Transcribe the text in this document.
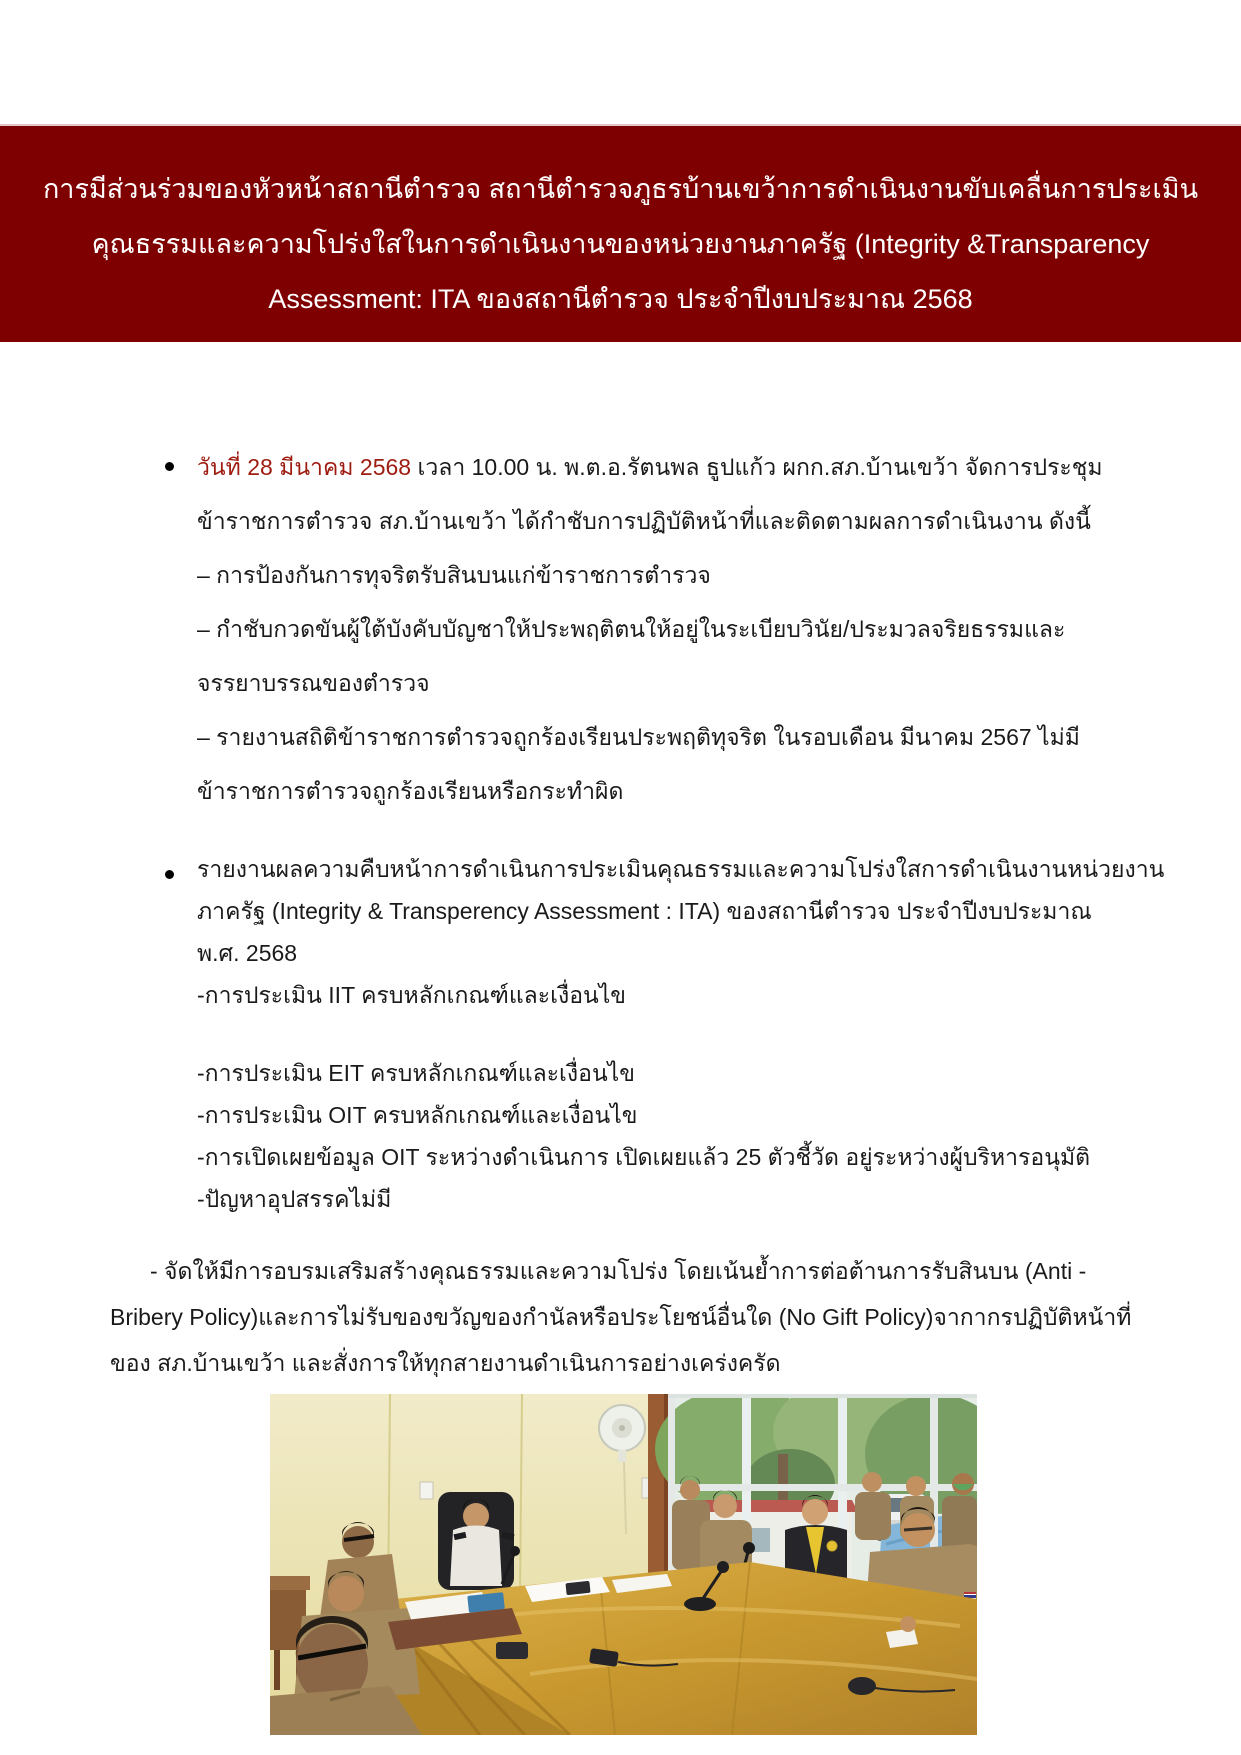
การมีส่วนร่วมของหัวหน้าสถานีตำรวจ สถานีตำรวจภูธรบ้านเขว้าการดำเนินงานขับเคลื่นการประเมิน
คุณธรรมและความโปร่งใสในการดำเนินงานของหน่วยงานภาครัฐ (Integrity &Transparency
Assessment: ITA ของสถานีตำรวจ ประจำปีงบประมาณ 2568
วันที่ 28 มีนาคม 2568 เวลา 10.00 น. พ.ต.อ.รัตนพล ธูปแก้ว ผกก.สภ.บ้านเขว้า จัดการประชุม
ข้าราชการตำรวจ สภ.บ้านเขว้า ได้กำชับการปฏิบัติหน้าที่และติดตามผลการดำเนินงาน ดังนี้
– การป้องกันการทุจริตรับสินบนแก่ข้าราชการตำรวจ
– กำชับกวดขันผู้ใต้บังคับบัญชาให้ประพฤติตนให้อยู่ในระเบียบวินัย/ประมวลจริยธรรมและ
จรรยาบรรณของตำรวจ
– รายงานสถิติข้าราชการตำรวจถูกร้องเรียนประพฤติทุจริต ในรอบเดือน มีนาคม 2567 ไม่มี
ข้าราชการตำรวจถูกร้องเรียนหรือกระทำผิด
รายงานผลความคืบหน้าการดำเนินการประเมินคุณธรรมและความโปร่งใสการดำเนินงานหน่วยงาน
ภาครัฐ (Integrity & Transperency Assessment : ITA) ของสถานีตำรวจ ประจำปีงบประมาณ
พ.ศ. 2568
-การประเมิน IIT ครบหลักเกณฑ์และเงื่อนไข
-การประเมิน EIT ครบหลักเกณฑ์และเงื่อนไข
-การประเมิน OIT ครบหลักเกณฑ์และเงื่อนไข
-การเปิดเผยข้อมูล OIT ระหว่างดำเนินการ เปิดเผยแล้ว 25 ตัวชี้วัด อยู่ระหว่างผู้บริหารอนุมัติ
-ปัญหาอุปสรรคไม่มี
- จัดให้มีการอบรมเสริมสร้างคุณธรรมและความโปร่ง โดยเน้นย้ำการต่อต้านการรับสินบน (Anti -
Bribery Policy)และการไม่รับของขวัญของกำนัลหรือประโยชน์อื่นใด (No Gift Policy)จากากรปฏิบัติหน้าที่
ของ สภ.บ้านเขว้า และสั่งการให้ทุกสายงานดำเนินการอย่างเคร่งครัด
